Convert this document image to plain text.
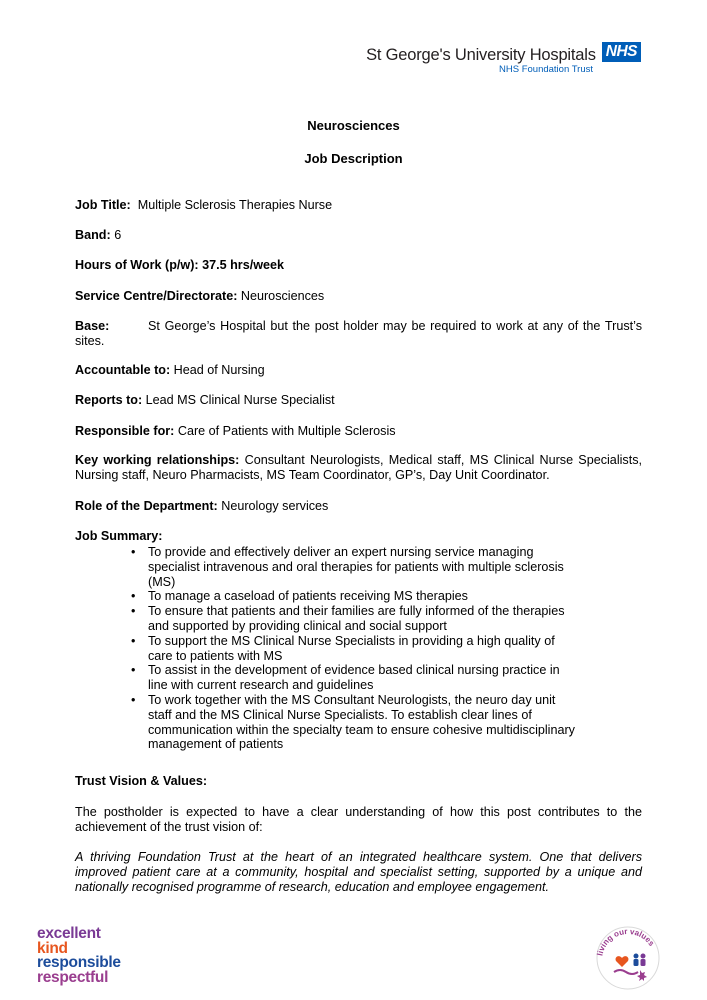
St George's University Hospitals NHS
NHS Foundation Trust
Neurosciences
Job Description
Job Title: Multiple Sclerosis Therapies Nurse
Band: 6
Hours of Work (p/w): 37.5 hrs/week
Service Centre/Directorate: Neurosciences
Base:	St George’s Hospital but the post holder may be required to work at any of the Trust’s sites.
Accountable to: Head of Nursing
Reports to: Lead MS Clinical Nurse Specialist
Responsible for: Care of Patients with Multiple Sclerosis
Key working relationships: Consultant Neurologists, Medical staff, MS Clinical Nurse Specialists, Nursing staff, Neuro Pharmacists, MS Team Coordinator, GP’s, Day Unit Coordinator.
Role of the Department: Neurology services
Job Summary:
• To provide and effectively deliver an expert nursing service managing specialist intravenous and oral therapies for patients with multiple sclerosis (MS)
• To manage a caseload of patients receiving MS therapies
• To ensure that patients and their families are fully informed of the therapies and supported by providing clinical and social support
• To support the MS Clinical Nurse Specialists in providing a high quality of care to patients with MS
• To assist in the development of evidence based clinical nursing practice in line with current research and guidelines
• To work together with the MS Consultant Neurologists, the neuro day unit staff and the MS Clinical Nurse Specialists. To establish clear lines of communication within the specialty team to ensure cohesive multidisciplinary management of patients
Trust Vision & Values:
The postholder is expected to have a clear understanding of how this post contributes to the achievement of the trust vision of:
A thriving Foundation Trust at the heart of an integrated healthcare system. One that delivers improved patient care at a community, hospital and specialist setting, supported by a unique and nationally recognised programme of research, education and employee engagement.
excellent
kind
responsible
respectful
living our values
